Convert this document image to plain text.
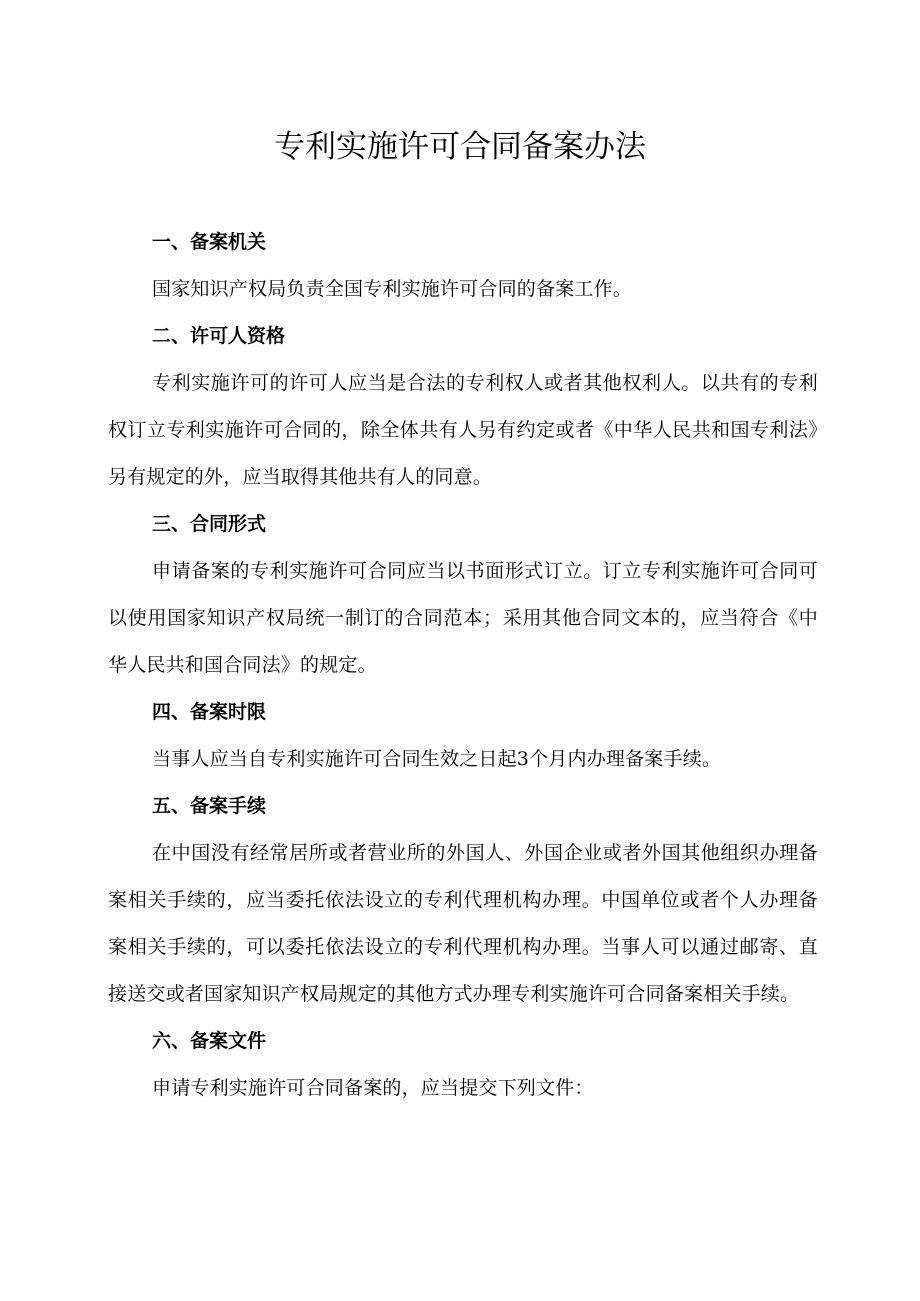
专利实施许可合同备案办法

一、备案机关

国家知识产权局负责全国专利实施许可合同的备案工作。

二、许可人资格

专利实施许可的许可人应当是合法的专利权人或者其他权利人。以共有的专利权订立专利实施许可合同的，除全体共有人另有约定或者《中华人民共和国专利法》另有规定的外，应当取得其他共有人的同意。

三、合同形式

申请备案的专利实施许可合同应当以书面形式订立。订立专利实施许可合同可以使用国家知识产权局统一制订的合同范本；采用其他合同文本的，应当符合《中华人民共和国合同法》的规定。

四、备案时限

当事人应当自专利实施许可合同生效之日起3个月内办理备案手续。

五、备案手续

在中国没有经常居所或者营业所的外国人、外国企业或者外国其他组织办理备案相关手续的，应当委托依法设立的专利代理机构办理。中国单位或者个人办理备案相关手续的，可以委托依法设立的专利代理机构办理。当事人可以通过邮寄、直接送交或者国家知识产权局规定的其他方式办理专利实施许可合同备案相关手续。

六、备案文件

申请专利实施许可合同备案的，应当提交下列文件：
